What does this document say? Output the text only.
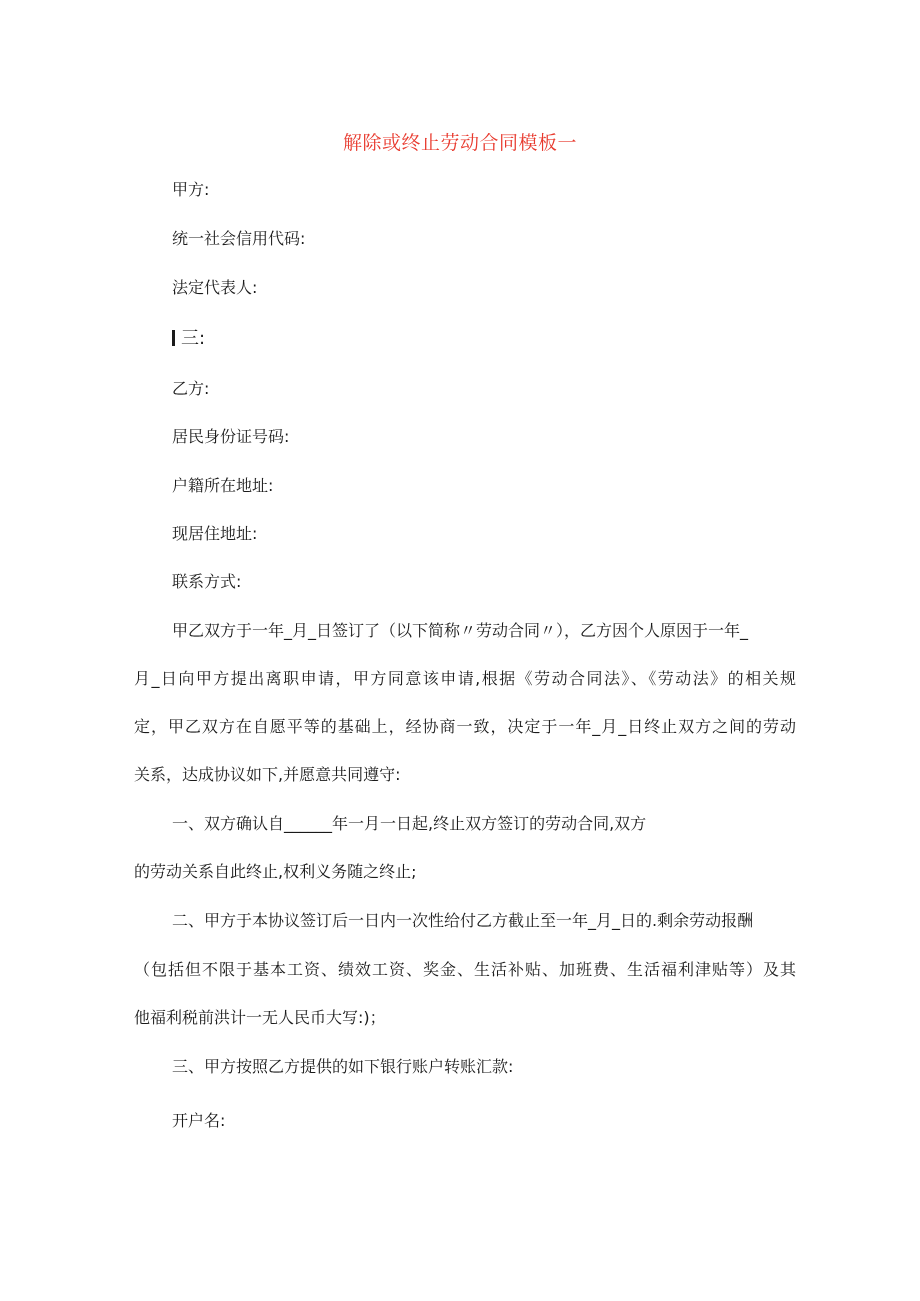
解除或终止劳动合同模板一
甲方:
统一社会信用代码:
法定代表人:
三:
乙方:
居民身份证号码:
户籍所在地址:
现居住地址:
联系方式:
甲乙双方于一年_月_日签订了（以下简称〃劳动合同〃），乙方因个人原因于一年_
月_日向甲方提出离职申请，甲方同意该申请,根据《劳动合同法》、《劳动法》的相关规
定，甲乙双方在自愿平等的基础上，经协商一致，决定于一年_月_日终止双方之间的劳动
关系，达成协议如下,并愿意共同遵守:
一、双方确认自______年一月一日起,终止双方签订的劳动合同,双方
的劳动关系自此终止,权利义务随之终止;
二、甲方于本协议签订后一日内一次性给付乙方截止至一年_月_日的.剩余劳动报酬
（包括但不限于基本工资、绩效工资、奖金、生活补贴、加班费、生活福利津贴等）及其
他福利税前洪计一无人民币大写:)；
三、甲方按照乙方提供的如下银行账户转账汇款:
开户名:
